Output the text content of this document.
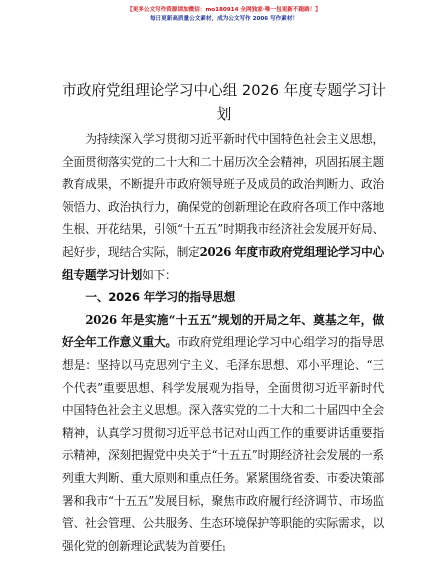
【更多公文写作资源请加微信：mo180914 全网独家·唯一包更新不跑路！】
每日更新高质量公文素材，成为公文写作 2006 写作素材！
市政府党组理论学习中心组 2026 年度专题学习计划

为持续深入学习贯彻习近平新时代中国特色社会主义思想，全面贯彻落实党的二十大和二十届历次全会精神，巩固拓展主题教育成果，不断提升市政府领导班子及成员的政治判断力、政治领悟力、政治执行力，确保党的创新理论在政府各项工作中落地生根、开花结果，引领“十五五”时期我市经济社会发展开好局、起好步，现结合实际，制定2026 年度市政府党组理论学习中心组专题学习计划如下：

一、2026 年学习的指导思想

2026 年是实施“十五五”规划的开局之年、奠基之年，做好全年工作意义重大。市政府党组理论学习中心组学习的指导思想是：坚持以马克思列宁主义、毛泽东思想、邓小平理论、“三个代表”重要思想、科学发展观为指导，全面贯彻习近平新时代中国特色社会主义思想。深入落实党的二十大和二十届四中全会精神，认真学习贯彻习近平总书记对山西工作的重要讲话重要指示精神，深刻把握党中央关于“十五五”时期经济社会发展的一系列重大判断、重大原则和重点任务。紧紧围绕省委、市委决策部署和我市“十五五”发展目标，聚焦市政府履行经济调节、市场监管、社会管理、公共服务、生态环境保护等职能的实际需求，以强化党的创新理论武装为首要任 1
